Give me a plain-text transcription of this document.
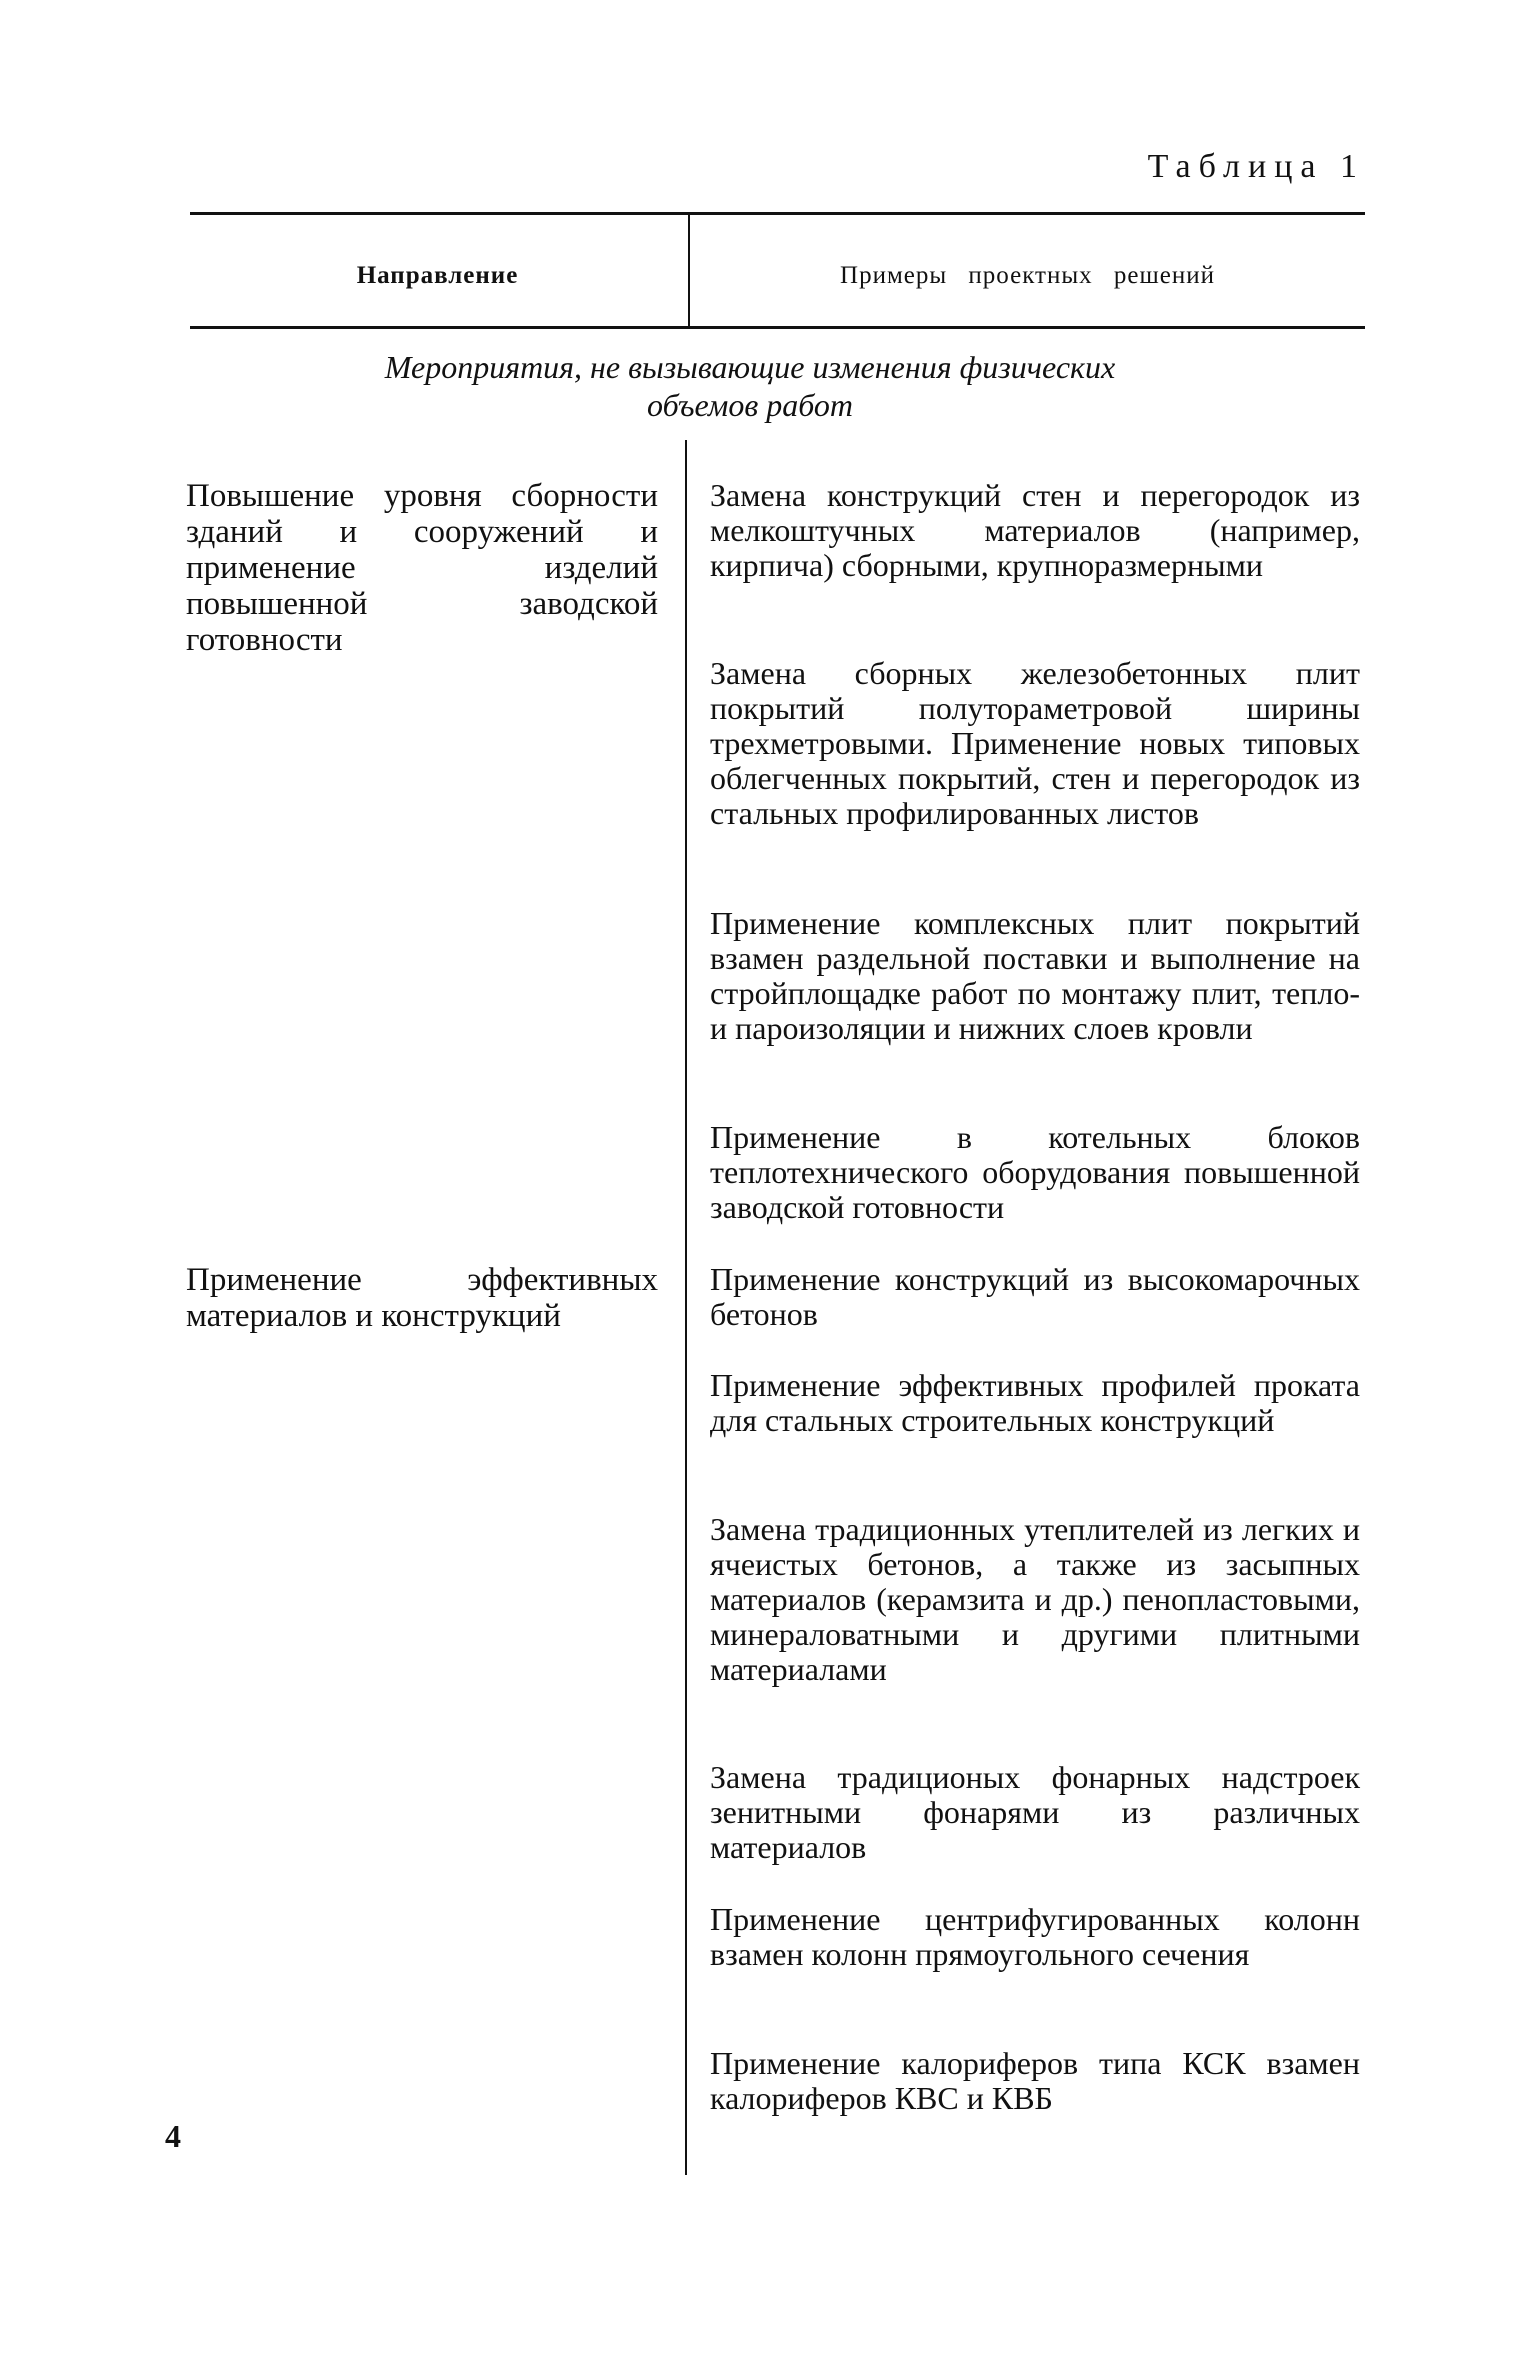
Таблица 1
Направление	Примеры проектных решений
Мероприятия, не вызывающие изменения физических
объемов работ
Повышение уровня сборности зданий и сооружений и применение изделий повышенной заводской готовности
Применение эффективных материалов и конструкций
Замена конструкций стен и перегородок из мелкоштучных материалов (например, кирпича) сборными, крупноразмерными
Замена сборных железобетонных плит покрытий полутораметровой ширины трехметровыми. Применение новых типовых облегченных покрытий, стен и перегородок из стальных профилированных листов
Применение комплексных плит покрытий взамен раздельной поставки и выполнение на стройплощадке работ по монтажу плит, тепло- и пароизоляции и нижних слоев кровли
Применение в котельных блоков теплотехнического оборудования повышенной заводской готовности
Применение конструкций из высокомарочных бетонов
Применение эффективных профилей проката для стальных строительных конструкций
Замена традиционных утеплителей из легких и ячеистых бетонов, а также из засыпных материалов (керамзита и др.) пенопластовыми, минераловатными и другими плитными материалами
Замена традиционых фонарных надстроек зенитными фонарями из различных материалов
Применение центрифугированных колонн взамен колонн прямоугольного сечения
Применение калориферов типа КСК взамен калориферов КВС и КВБ
4
